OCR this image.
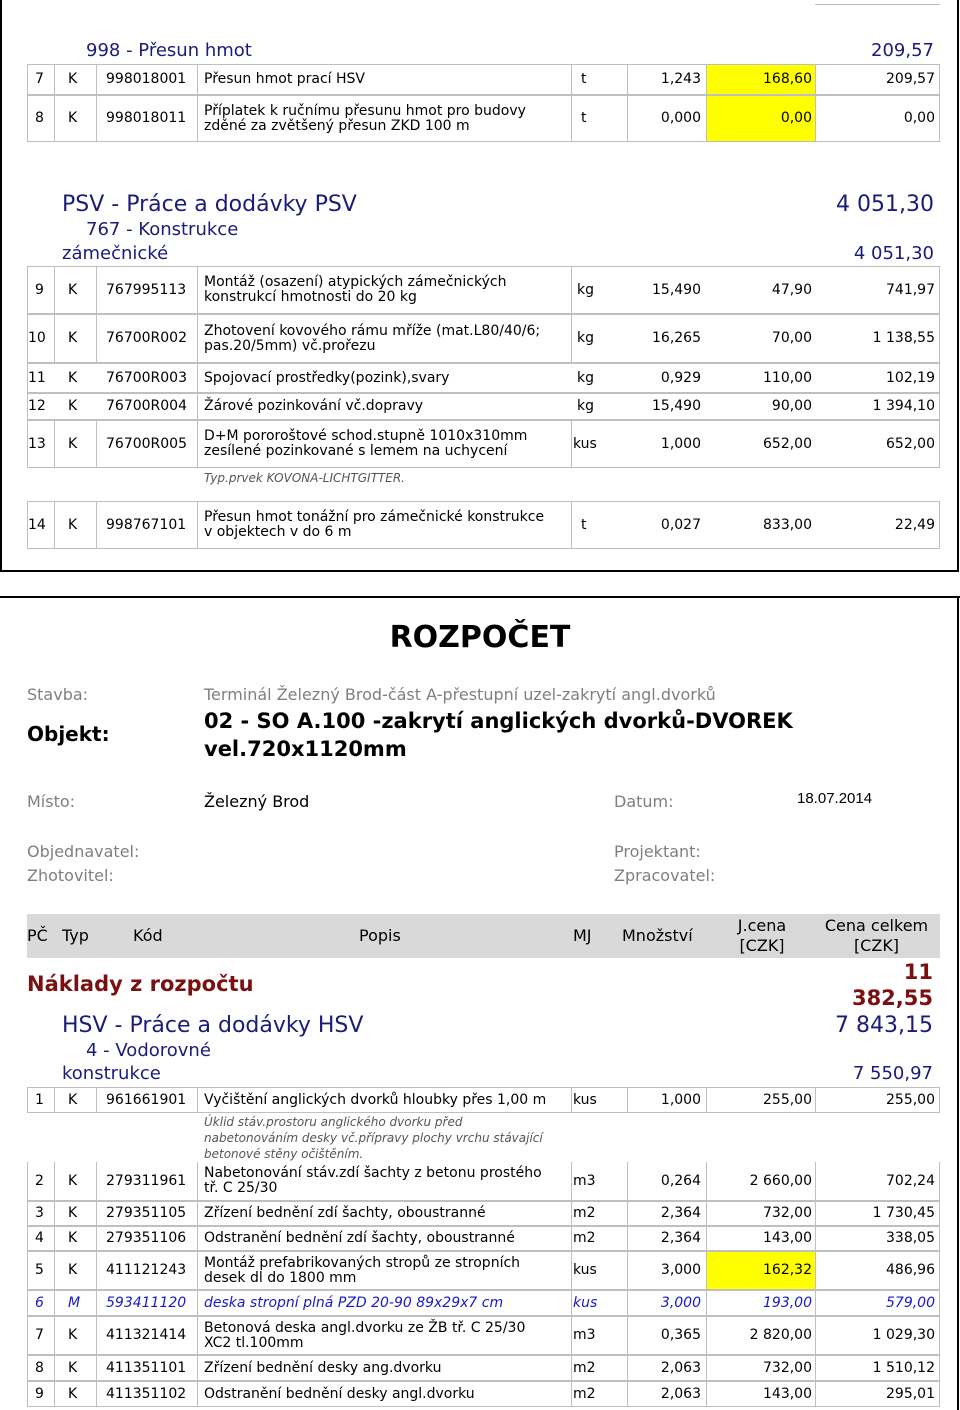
998 - Přesun hmot	209,57
7	K	998018001	Přesun hmot prací HSV	t	1,243	168,60	209,57
8	K	998018011	Příplatek k ručnímu přesunu hmot pro budovy
zděné za zvětšený přesun ZKD 100 m	t	0,000	0,00	0,00
PSV - Práce a dodávky PSV	4 051,30
767 - Konstrukce
zámečnické	4 051,30
9	K	767995113	Montáž (osazení) atypických zámečnických
konstrukcí hmotnosti do 20 kg	kg	15,490	47,90	741,97
10 K	76700R002	Zhotovení kovového rámu mříže (mat.L80/40/6;
pas.20/5mm) vč.prořezu	kg	16,265	70,00	1 138,55
11 K	76700R003	Spojovací prostředky(pozink),svary	kg	0,929	110,00	102,19
12 K	76700R004	Žárové pozinkování vč.dopravy	kg	15,490	90,00	1 394,10
13 K	76700R005	D+M pororoštové schod.stupně 1010x310mm
zesílené pozinkované s lemem na uchycení	kus	1,000	652,00	652,00
Typ.prvek KOVONA-LICHTGITTER.
14 K	998767101	Přesun hmot tonážní pro zámečnické konstrukce
v objektech v do 6 m	t	0,027	833,00	22,49
ROZPOČET
Stavba:	Terminál Železný Brod-část A-přestupní uzel-zakrytí angl.dvorků
Objekt:
02 - SO A.100 -zakrytí anglických dvorků-DVOREK
vel.720x1120mm
Místo:	Železný Brod	Datum:	18.07.2014
Objednavatel:	Projektant:
Zhotovitel:	Zpracovatel:
PČ Typ	Kód	Popis	MJ Množství
J.cena
[CZK]
Cena celkem
[CZK]
Náklady z rozpočtu	11
382,55
HSV - Práce a dodávky HSV	7 843,15
4 - Vodorovné
konstrukce	7 550,97
1	K	961661901	Vyčištění anglických dvorků hloubky přes 1,00 m	kus	1,000	255,00	255,00
Úklid stáv.prostoru anglického dvorku před
nabetonováním desky vč.přípravy plochy vrchu stávající
betonové stěny očištěním.
2	K	279311961	Nabetonování stáv.zdí šachty z betonu prostého
tř. C 25/30	m3	0,264	2 660,00	702,24
3	K	279351105	Zřízení bednění zdí šachty, oboustranné	m2	2,364	732,00	1 730,45
4	K	279351106	Odstranění bednění zdí šachty, oboustranné	m2	2,364	143,00	338,05
5	K	411121243	Montáž prefabrikovaných stropů ze stropních
desek dl do 1800 mm	kus	3,000	162,32	486,96
6	M	593411120	deska stropní plná PZD 20-90 89x29x7 cm	kus	3,000	193,00	579,00
7	K	411321414	Betonová deska angl.dvorku ze ŽB tř. C 25/30
XC2 tl.100mm	m3	0,365	2 820,00	1 029,30
8	K	411351101	Zřízení bednění desky ang.dvorku	m2	2,063	732,00	1 510,12
9	K	411351102	Odstranění bednění desky angl.dvorku	m2	2,063	143,00	295,01
